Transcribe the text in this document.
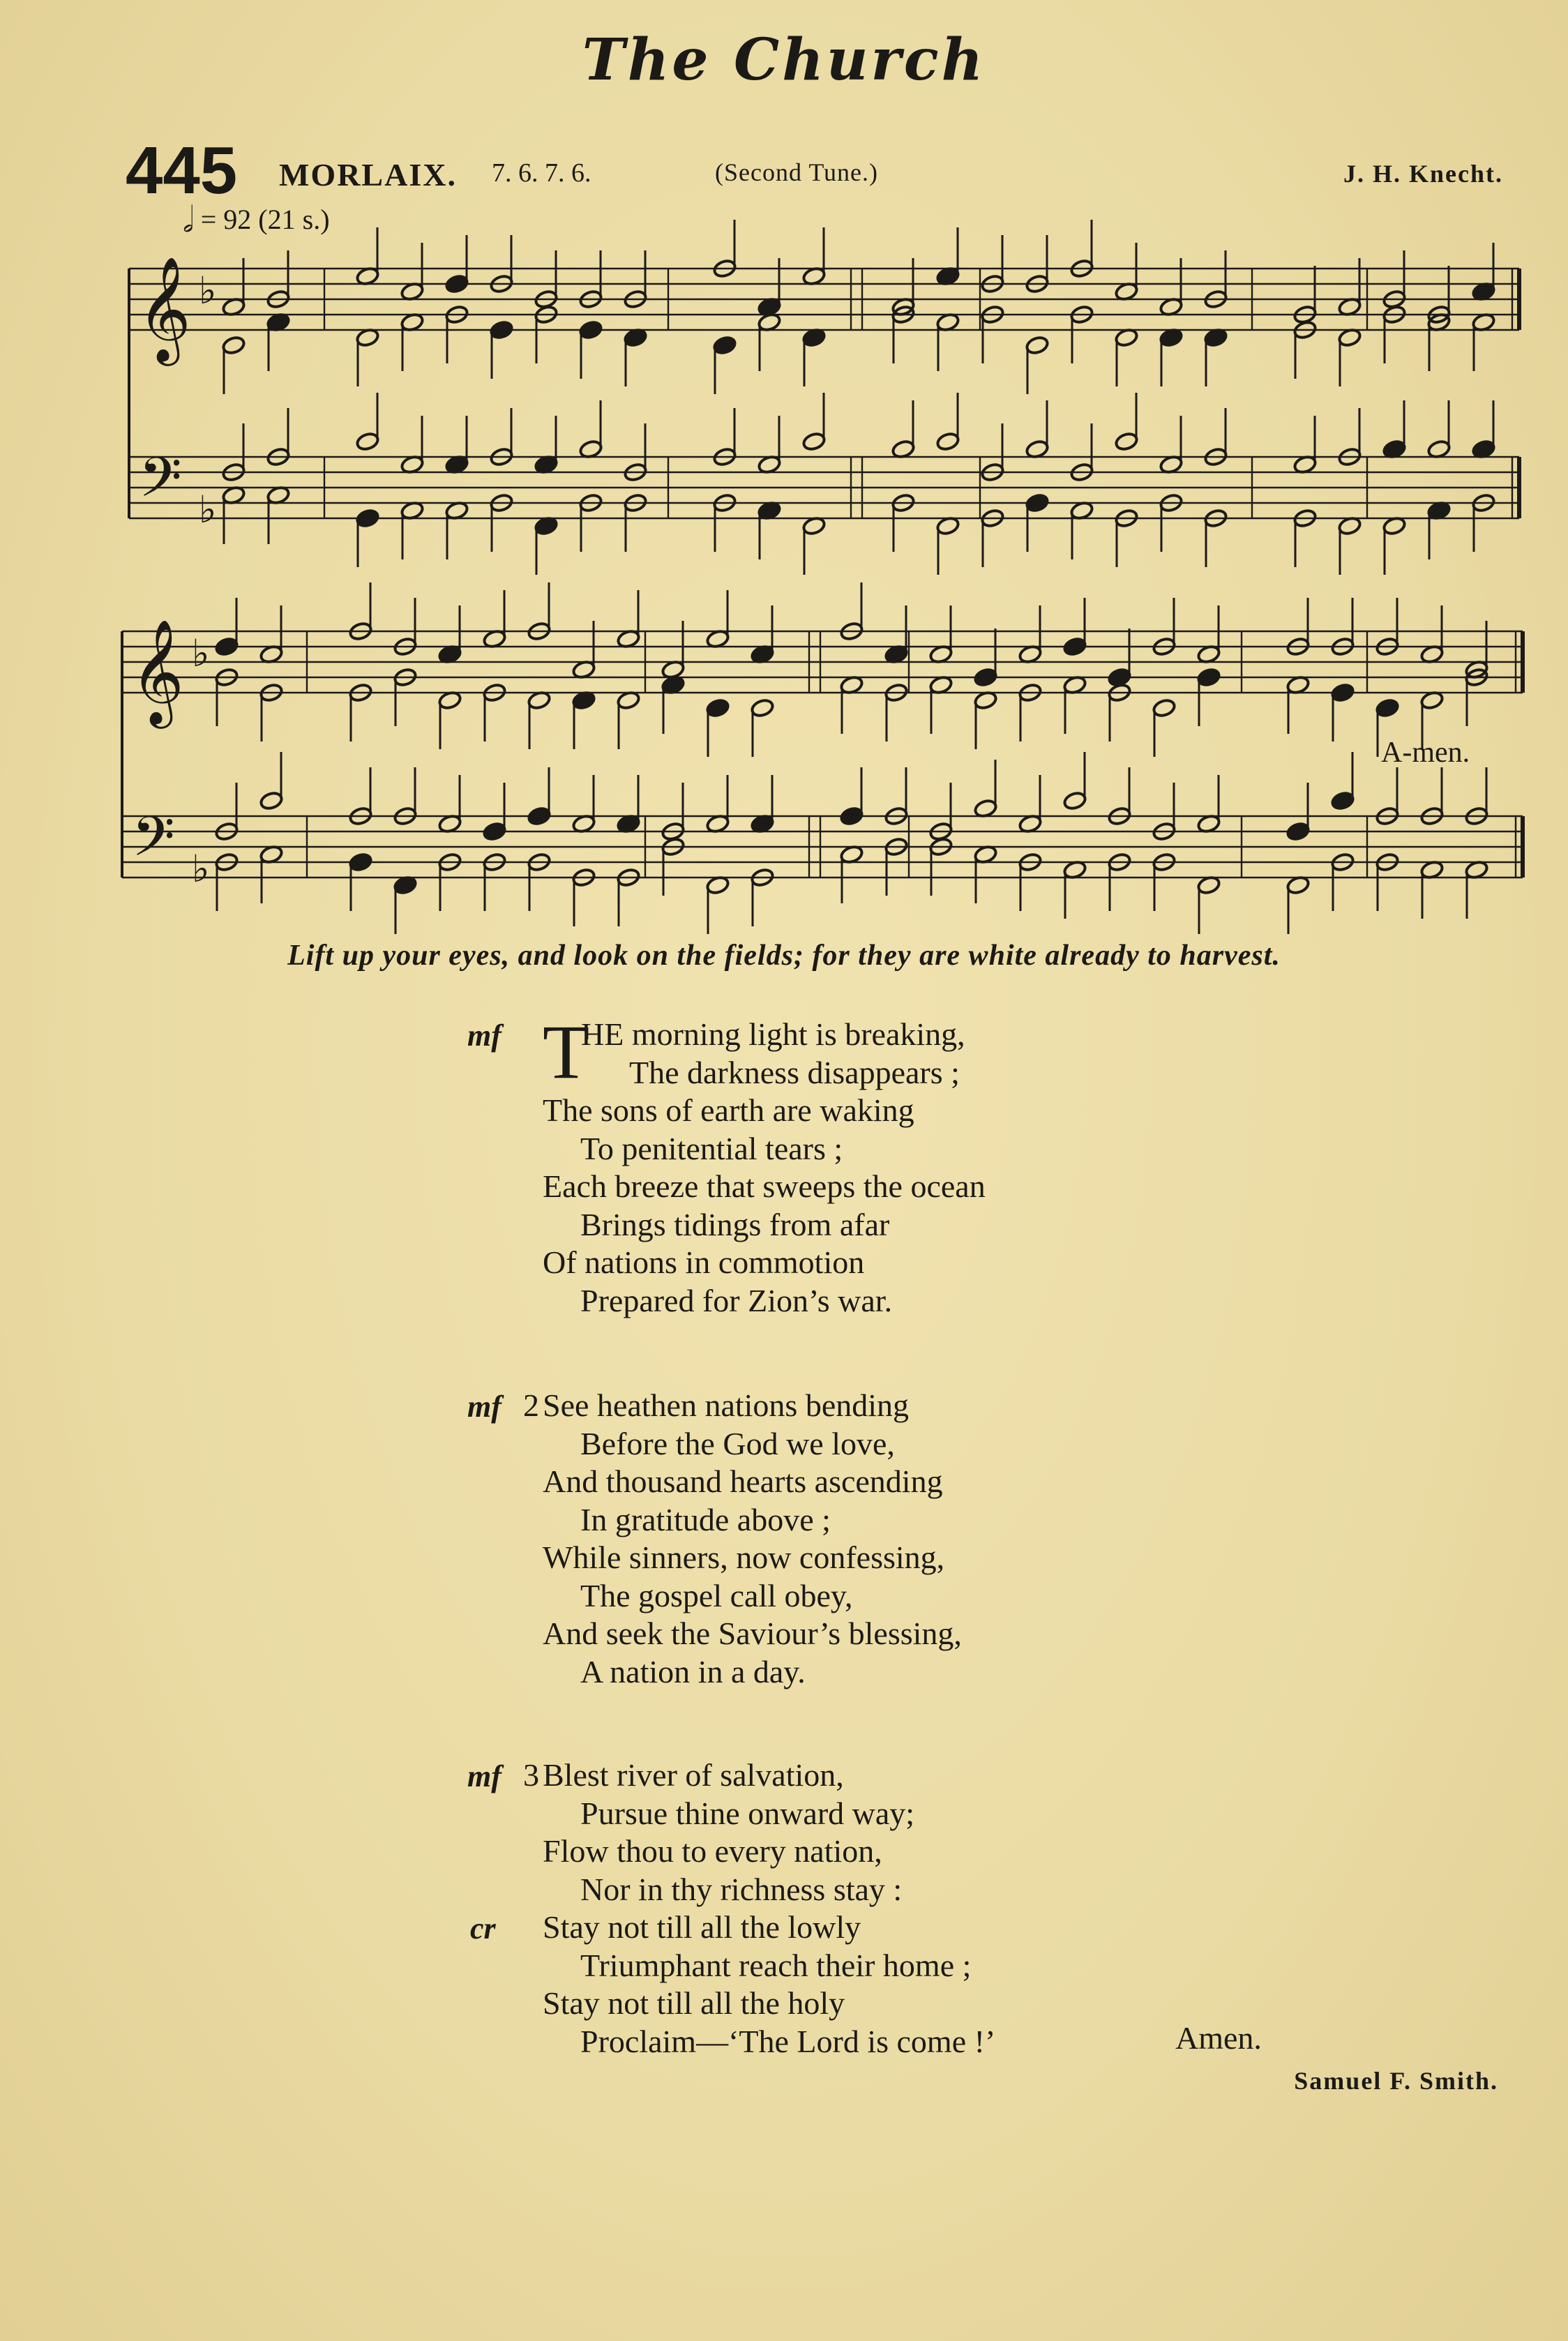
The Church
445 MORLAIX. 7. 6. 7. 6.	(Second Tune.)	J. H. Knecht.
𝅗𝅥 = 92 (21 s.)
𝄞
𝄢
♭
♭
𝄞
𝄢
♭
♭
A-men.
Lift up your eyes, and look on the fields; for they are white already to harvest.
mf T
HE morning light is breaking,
The darkness disappears ;
The sons of earth are waking
To penitential tears ;
Each breeze that sweeps the ocean
Brings tidings from afar
Of nations in commotion
Prepared for Zion’s war.
mf 2 See heathen nations bending
Before the God we love,
And thousand hearts ascending
In gratitude above ;
While sinners, now confessing,
The gospel call obey,
And seek the Saviour’s blessing,
A nation in a day.
mf
cr
3 Blest river of salvation,
Pursue thine onward way;
Flow thou to every nation,
Nor in thy richness stay :
Stay not till all the lowly
Triumphant reach their home ;
Stay not till all the holy
Proclaim—‘The Lord is come !’	Amen.
Samuel F. Smith.
